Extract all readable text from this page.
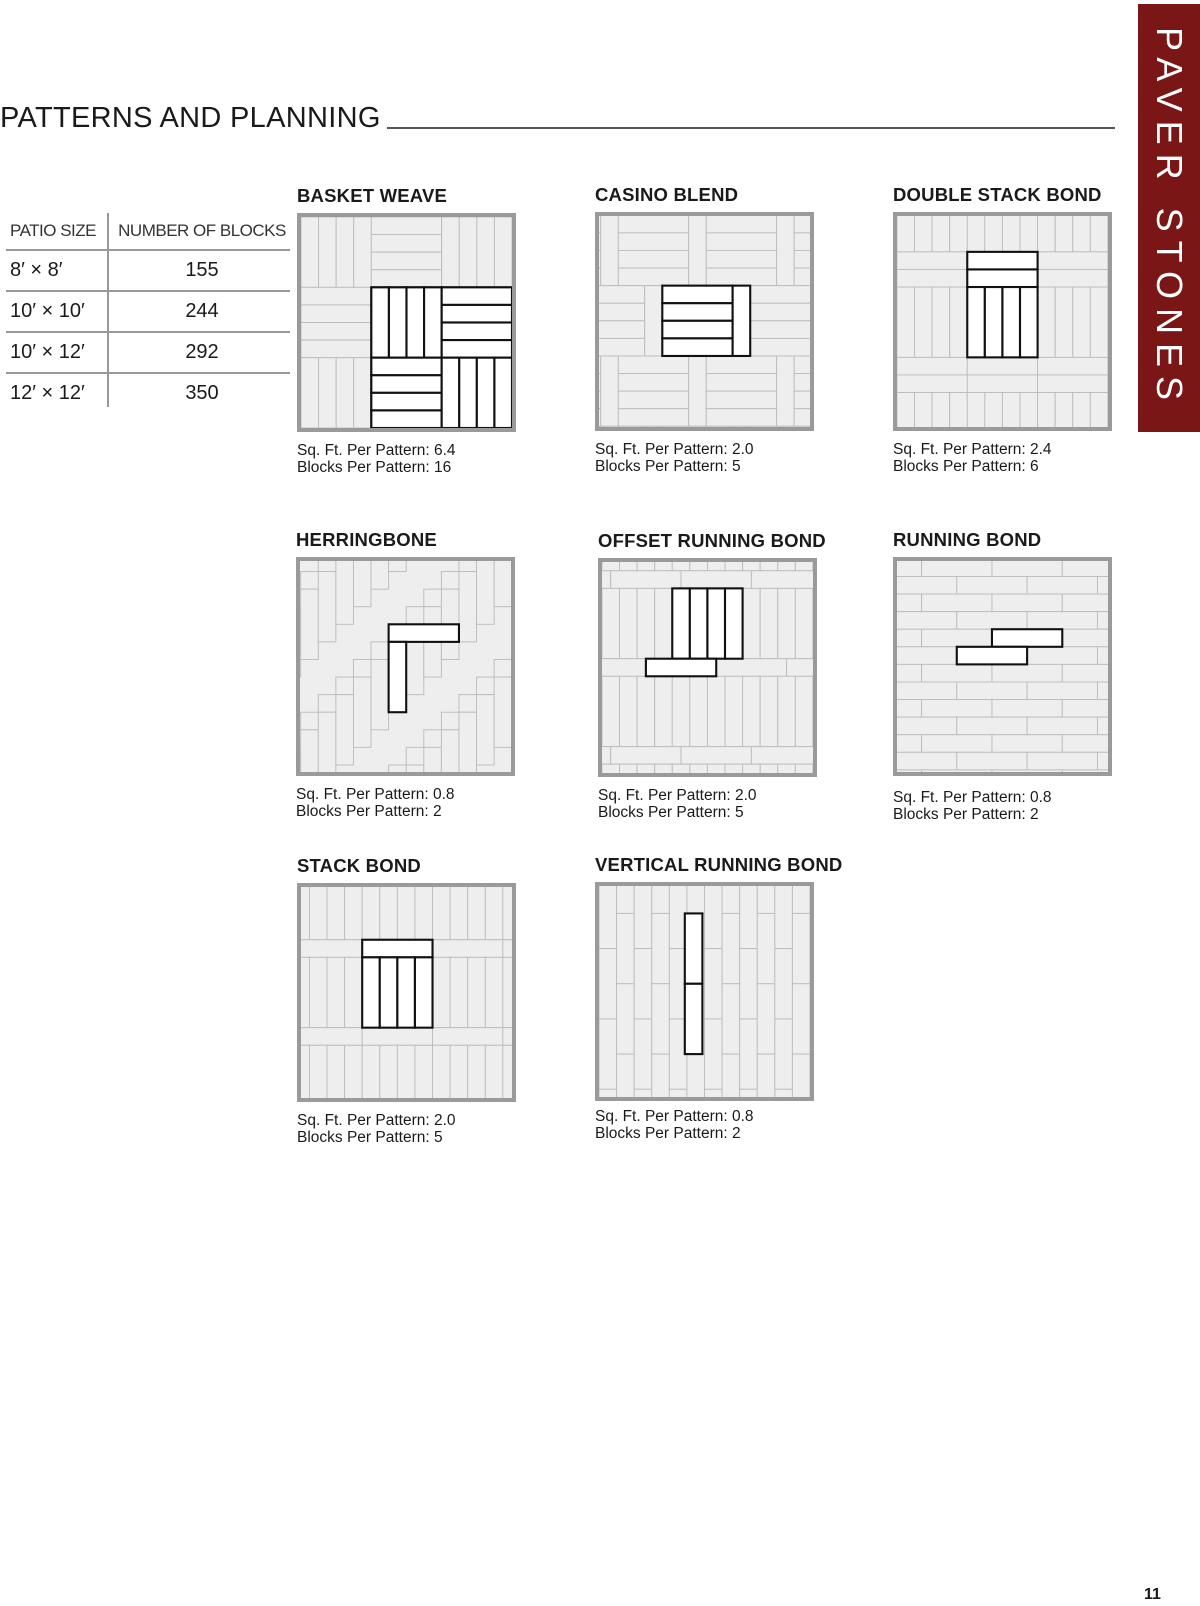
PATTERNS AND PLANNING	PAVER STONES
PATIO SIZE	NUMBER OF BLOCKS
8′ × 8′	155
10′ × 10′	244
10′ × 12′	292
12′ × 12′	350
BASKET WEAVE
Sq. Ft. Per Pattern: 6.4
Blocks Per Pattern: 16
CASINO BLEND
Sq. Ft. Per Pattern: 2.0
Blocks Per Pattern: 5
DOUBLE STACK BOND
Sq. Ft. Per Pattern: 2.4
Blocks Per Pattern: 6
HERRINGBONE
Sq. Ft. Per Pattern: 0.8
Blocks Per Pattern: 2
OFFSET RUNNING BOND
Sq. Ft. Per Pattern: 2.0
Blocks Per Pattern: 5
RUNNING BOND
Sq. Ft. Per Pattern: 0.8
Blocks Per Pattern: 2
STACK BOND
Sq. Ft. Per Pattern: 2.0
Blocks Per Pattern: 5
VERTICAL RUNNING BOND
Sq. Ft. Per Pattern: 0.8
Blocks Per Pattern: 2
11
